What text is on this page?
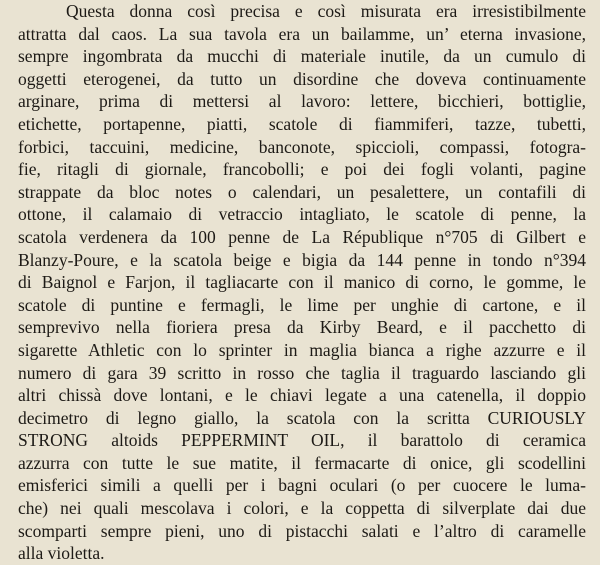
Questa donna così precisa e così misurata era irresistibilmente
attratta dal caos. La sua tavola era un bailamme, un’ eterna invasione,
sempre ingombrata da mucchi di materiale inutile, da un cumulo di
oggetti eterogenei, da tutto un disordine che doveva continuamente
arginare, prima di mettersi al lavoro: lettere, bicchieri, bottiglie,
etichette, portapenne, piatti, scatole di fiammiferi, tazze, tubetti,
forbici, taccuini, medicine, banconote, spiccioli, compassi, fotogra-
fie, ritagli di giornale, francobolli; e poi dei fogli volanti, pagine
strappate da bloc notes o calendari, un pesalettere, un contafili di
ottone, il calamaio di vetraccio intagliato, le scatole di penne, la
scatola verdenera da 100 penne de La République n°705 di Gilbert e
Blanzy-Poure, e la scatola beige e bigia da 144 penne in tondo n°394
di Baignol e Farjon, il tagliacarte con il manico di corno, le gomme, le
scatole di puntine e fermagli, le lime per unghie di cartone, e il
semprevivo nella fioriera presa da Kirby Beard, e il pacchetto di
sigarette Athletic con lo sprinter in maglia bianca a righe azzurre e il
numero di gara 39 scritto in rosso che taglia il traguardo lasciando gli
altri chissà dove lontani, e le chiavi legate a una catenella, il doppio
decimetro di legno giallo, la scatola con la scritta CURIOUSLY
STRONG altoids PEPPERMINT OIL, il barattolo di ceramica
azzurra con tutte le sue matite, il fermacarte di onice, gli scodellini
emisferici simili a quelli per i bagni oculari (o per cuocere le luma-
che) nei quali mescolava i colori, e la coppetta di silverplate dai due
scomparti sempre pieni, uno di pistacchi salati e l’altro di caramelle
alla violetta.
